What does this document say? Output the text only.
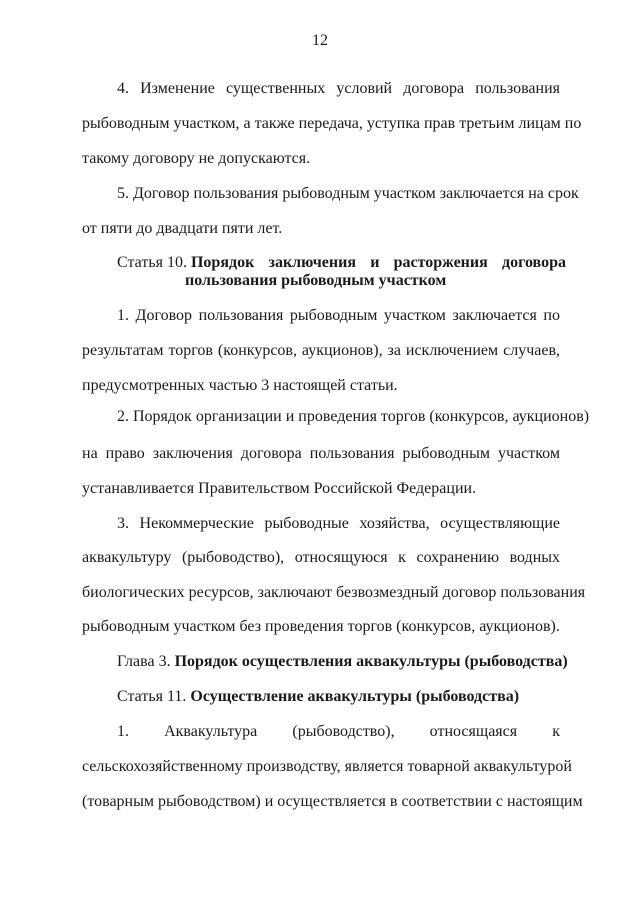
12
4. Изменение существенных условий договора пользования
рыбоводным участком, а также передача, уступка прав третьим лицам по
такому договору не допускаются.
5. Договор пользования рыбоводным участком заключается на срок
от пяти до двадцати пяти лет.
Статья 10. Порядок заключения и расторжения договора
пользования рыбоводным участком
1. Договор пользования рыбоводным участком заключается по
результатам торгов (конкурсов, аукционов), за исключением случаев,
предусмотренных частью 3 настоящей статьи.
2. Порядок организации и проведения торгов (конкурсов, аукционов)
на право заключения договора пользования рыбоводным участком
устанавливается Правительством Российской Федерации.
3. Некоммерческие рыбоводные хозяйства, осуществляющие
аквакультуру (рыбоводство), относящуюся к сохранению водных
биологических ресурсов, заключают безвозмездный договор пользования
рыбоводным участком без проведения торгов (конкурсов, аукционов).
Глава 3. Порядок осуществления аквакультуры (рыбоводства)
Статья 11. Осуществление аквакультуры (рыбоводства)
1. Аквакультура (рыбоводство), относящаяся к
сельскохозяйственному производству, является товарной аквакультурой
(товарным рыбоводством) и осуществляется в соответствии с настоящим
